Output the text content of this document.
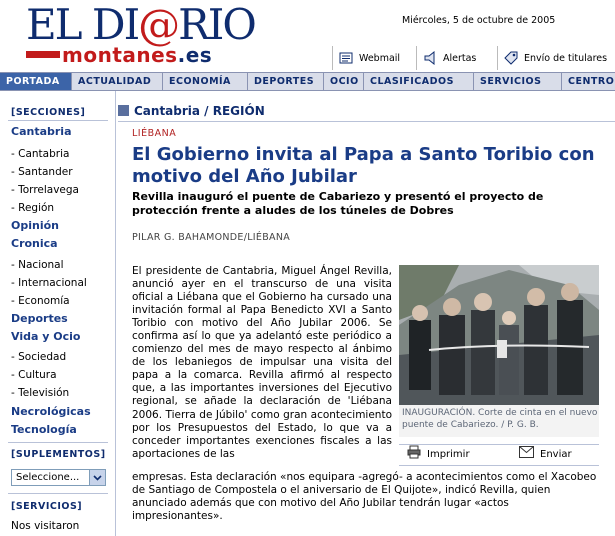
EL DI@RIO
montanes.es
Miércoles, 5 de octubre de 2005
Webmail	Alertas	Envío de titulares
PORTADA	ACTUALIDAD	ECONOMÍA	DEPORTES	OCIO	CLASIFICADOS	SERVICIOS	CENTRO
[SECCIONES]
Cantabria
- Cantabria
- Santander
- Torrelavega
- Región
Opinión
Cronica
- Nacional
- Internacional
- Economía
Deportes
Vida y Ocio
- Sociedad
- Cultura
- Televisión
Necrológicas
Tecnología
[SUPLEMENTOS]
Seleccione...
[SERVICIOS]
Nos visitaron
Cantabria / REGIÓN
LIÉBANA
El Gobierno invita al Papa a Santo Toribio con motivo del Año Jubilar
Revilla inauguró el puente de Cabariezo y presentó el proyecto de protección frente a aludes de los túneles de Dobres
PILAR G. BAHAMONDE/LIÉBANA
El presidente de Cantabria, Miguel Ángel Revilla, anunció ayer en el transcurso de una visita oficial a Liébana que el Gobierno ha cursado una invitación formal al Papa Benedicto XVI a Santo Toribio con motivo del Año Jubilar 2006. Se confirma así lo que ya adelantó este periódico a comienzo del mes de mayo respecto al ánbimo de los lebaniegos de impulsar una visita del papa a la comarca. Revilla afirmó al respecto que, a las importantes inversiones del Ejecutivo regional, se añade la declaración de 'Liébana 2006. Tierra de Júbilo' como gran acontecimiento por los Presupuestos del Estado, lo que va a conceder importantes exenciones fiscales a las aportaciones de las
INAUGURACIÓN. Corte de cinta en el nuevo puente de Cabariezo. / P. G. B.
Imprimir	Enviar
empresas. Esta declaración «nos equipara -agregó- a acontecimientos como el Xacobeo de Santiago de Compostela o el aniversario de El Quijote», indicó Revilla, quien anunciado además que con motivo del Año Jubilar tendrán lugar «actos impresionantes».
